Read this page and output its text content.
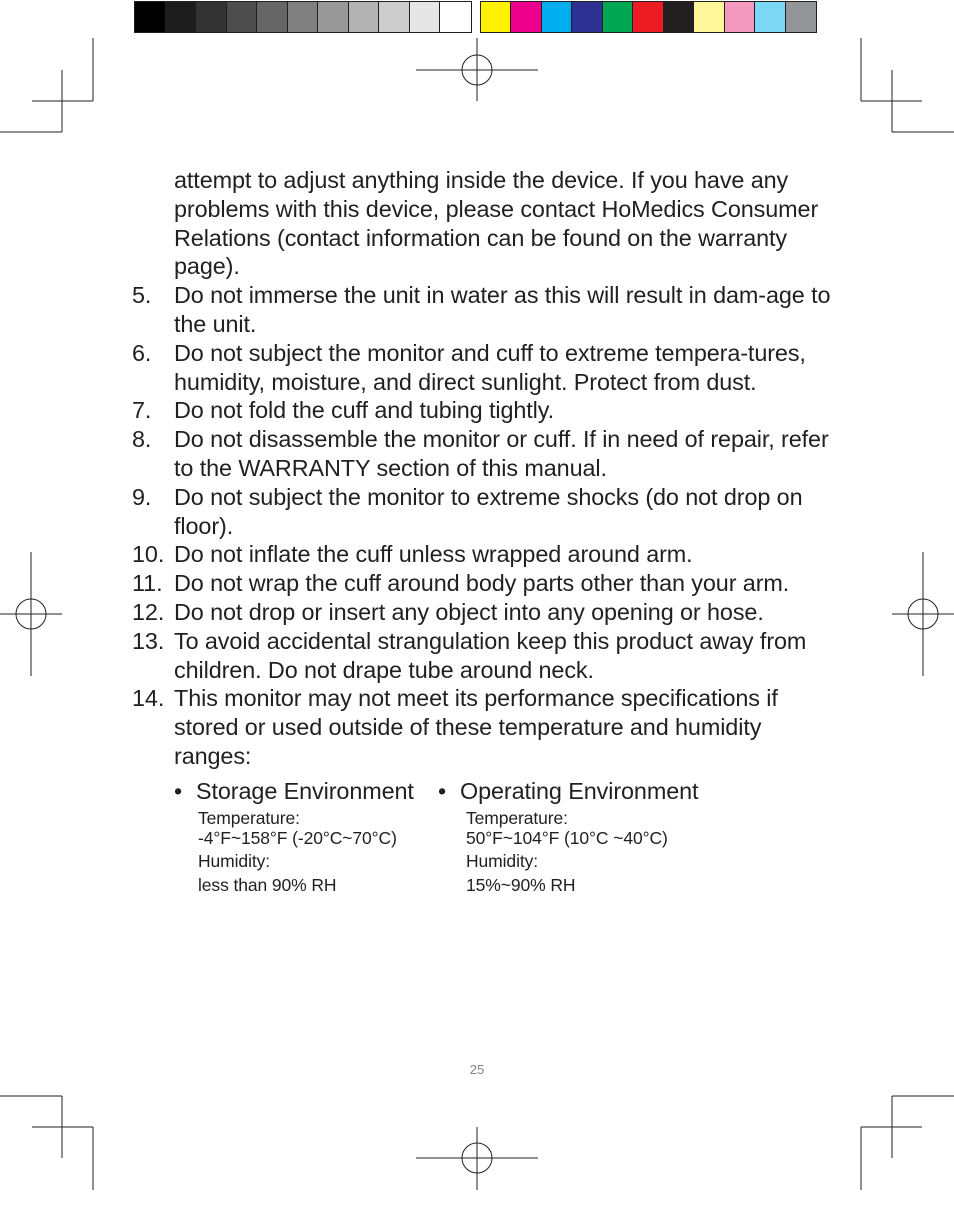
attempt to adjust anything inside the device. If you have any problems with this device, please contact HoMedics Consumer Relations (contact information can be found on the warranty page).
5. Do not immerse the unit in water as this will result in dam-age to the unit.
6. Do not subject the monitor and cuff to extreme tempera-tures, humidity, moisture, and direct sunlight. Protect from dust.
7. Do not fold the cuff and tubing tightly.
8. Do not disassemble the monitor or cuff. If in need of repair, refer to the WARRANTY section of this manual.
9. Do not subject the monitor to extreme shocks (do not drop on floor).
10. Do not inflate the cuff unless wrapped around arm.
11. Do not wrap the cuff around body parts other than your arm.
12. Do not drop or insert any object into any opening or hose.
13. To avoid accidental strangulation keep this product away from children. Do not drape tube around neck.
14. This monitor may not meet its performance specifications if stored or used outside of these temperature and humidity ranges:
• Storage Environment
Temperature:
-4°F~158°F (-20°C~70°C)
Humidity:
less than 90% RH
• Operating Environment
Temperature:
50°F~104°F (10°C ~40°C)
Humidity:
15%~90% RH
25
